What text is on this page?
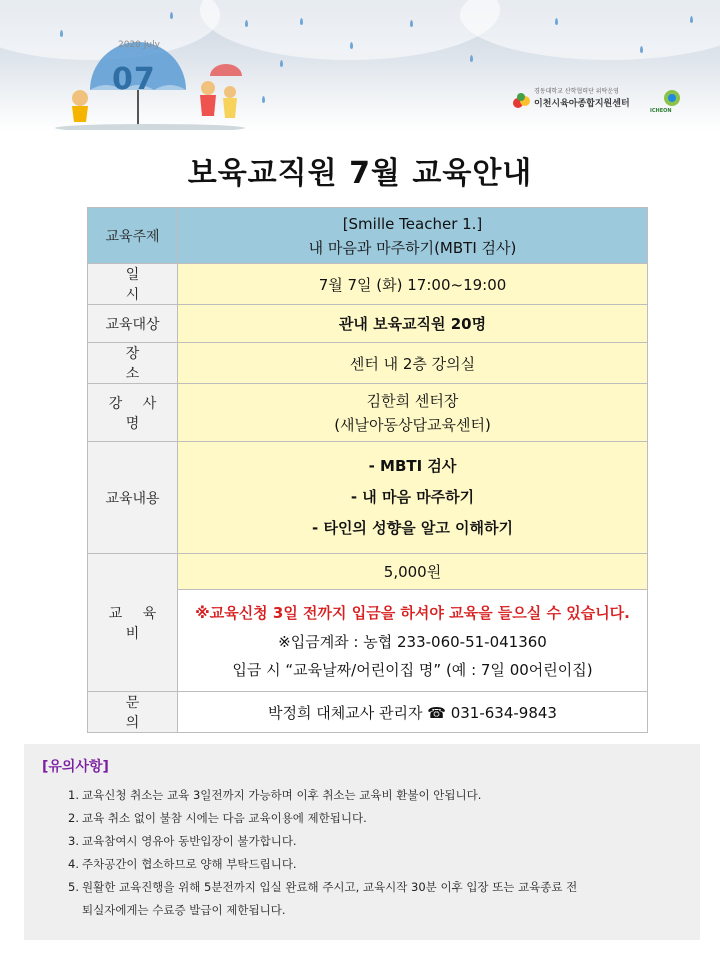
2020 July
07	경동대학교 산학협력단 위탁운영
이천시육아종합지원센터
ICHEON
보육교직원 7월 교육안내
교육주제	[Smille Teacher 1.]
내 마음과 마주하기(MBTI 검사)

일 시	7월 7일 (화) 17:00~19:00
교육대상	관내 보육교직원 20명
장 소	센터 내 2층 강의실
강 사 명	김한희 센터장
(새날아동상담교육센터)

교육내용	- MBTI 검사
- 내 마음 마주하기
- 타인의 성향을 알고 이해하기

교 육 비	5,000원

	※교육신청 3일 전까지 입금을 하셔야 교육을 들으실 수 있습니다.
※입금계좌 : 농협 233-060-51-041360
입금 시 “교육날짜/어린이집 명” (예 : 7일 00어린이집)

문 의	박정희 대체교사 관리자 ☎ 031-634-9843
[유의사항]
1. 교육신청 취소는 교육 3일전까지 가능하며 이후 취소는 교육비 환불이 안됩니다.
2. 교육 취소 없이 불참 시에는 다음 교육이용에 제한됩니다.
3. 교육참여시 영유아 동반입장이 불가합니다.
4. 주차공간이 협소하므로 양해 부탁드립니다.
5. 원활한 교육진행을 위해 5분전까지 입실 완료해 주시고, 교육시작 30분 이후 입장 또는 교육종료 전
퇴실자에게는 수료증 발급이 제한됩니다.
